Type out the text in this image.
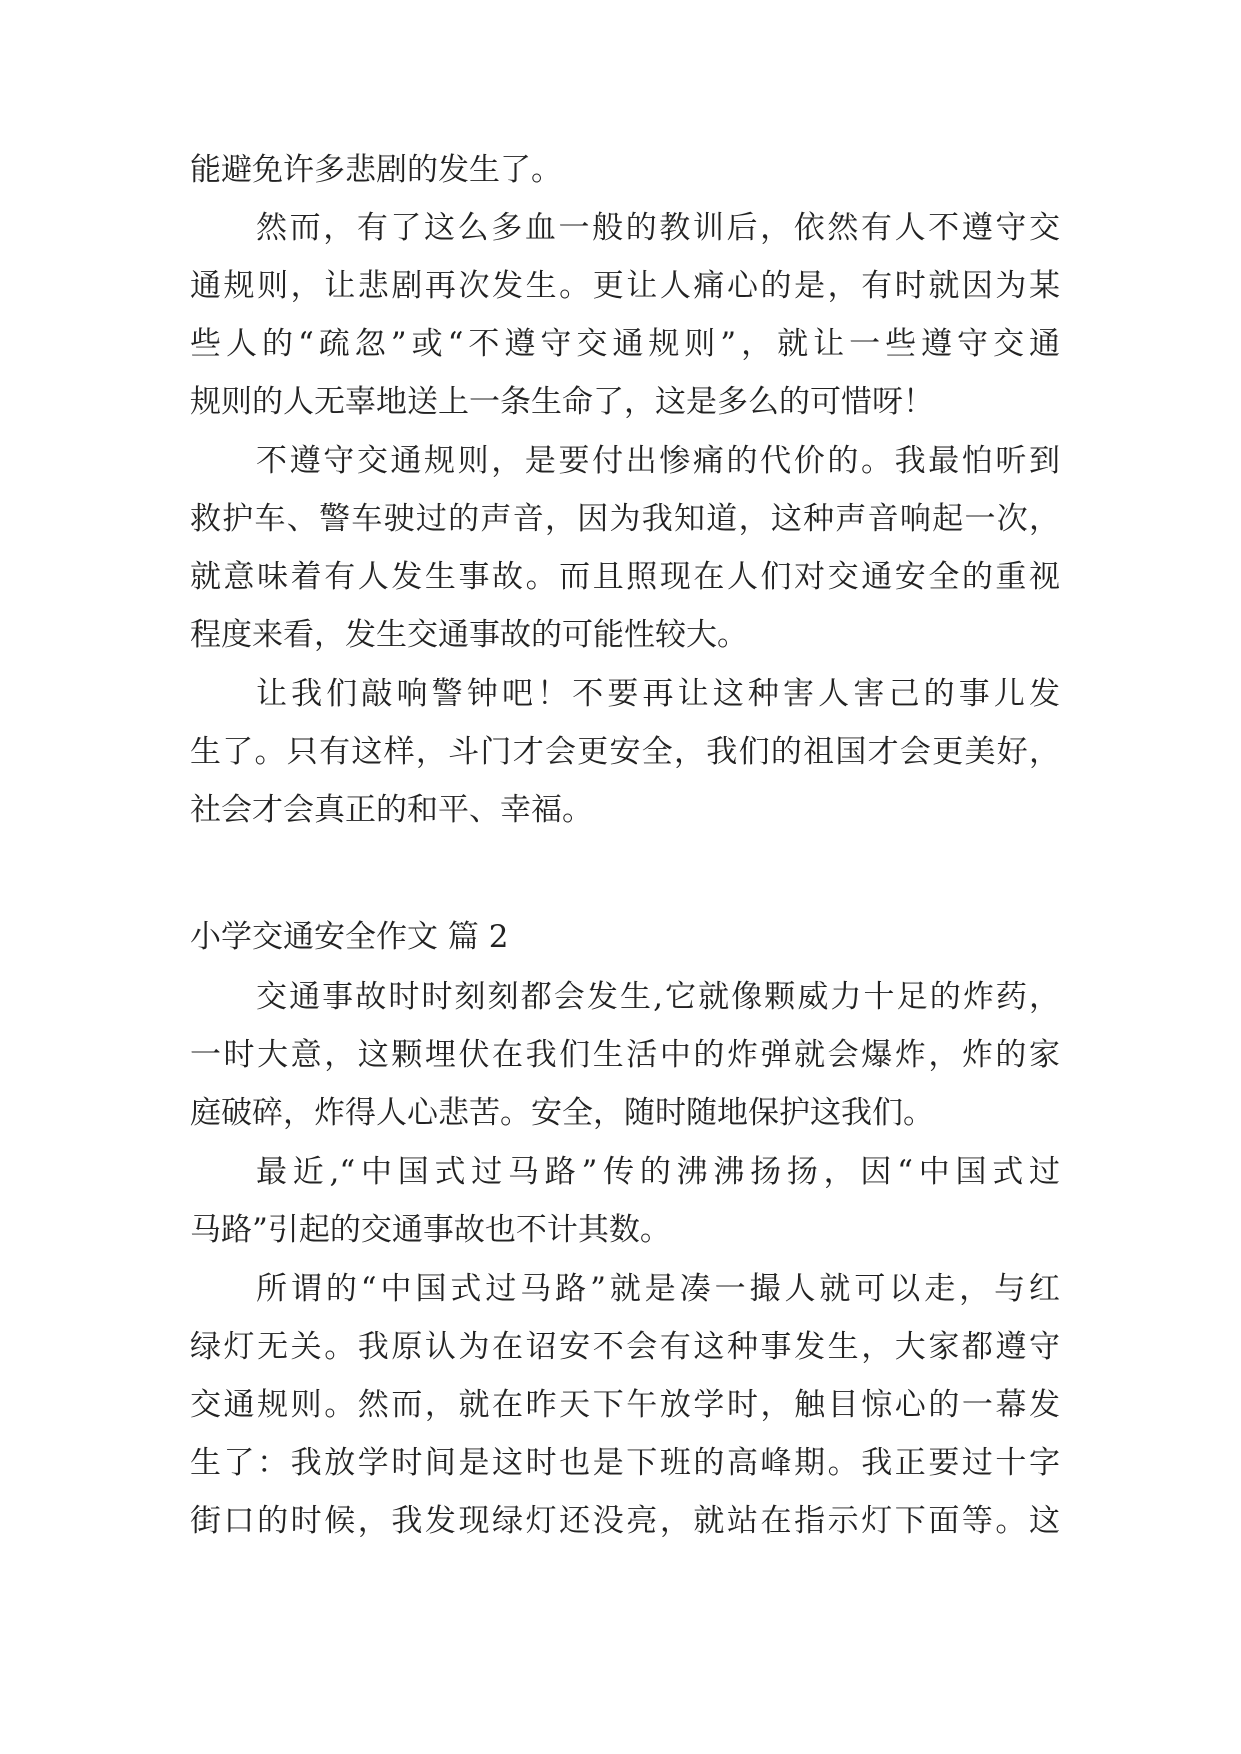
能避免许多悲剧的发生了。
然而，有了这么多血一般的教训后，依然有人不遵守交
通规则，让悲剧再次发生。更让人痛心的是，有时就因为某
些人的“疏忽”或“不遵守交通规则”，就让一些遵守交通
规则的人无辜地送上一条生命了，这是多么的可惜呀！
不遵守交通规则，是要付出惨痛的代价的。我最怕听到
救护车、警车驶过的声音，因为我知道，这种声音响起一次，
就意味着有人发生事故。而且照现在人们对交通安全的重视
程度来看，发生交通事故的可能性较大。
让我们敲响警钟吧！不要再让这种害人害己的事儿发
生了。只有这样，斗门才会更安全，我们的祖国才会更美好，
社会才会真正的和平、幸福。
小学交通安全作文 篇 2
交通事故时时刻刻都会发生,它就像颗威力十足的炸药，
一时大意，这颗埋伏在我们生活中的炸弹就会爆炸，炸的家
庭破碎，炸得人心悲苦。安全，随时随地保护这我们。
最近,“中国式过马路”传的沸沸扬扬，因“中国式过
马路”引起的交通事故也不计其数。
所谓的“中国式过马路”就是凑一撮人就可以走，与红
绿灯无关。我原认为在诏安不会有这种事发生，大家都遵守
交通规则。然而，就在昨天下午放学时，触目惊心的一幕发
生了：我放学时间是这时也是下班的高峰期。我正要过十字
街口的时候，我发现绿灯还没亮，就站在指示灯下面等。这
